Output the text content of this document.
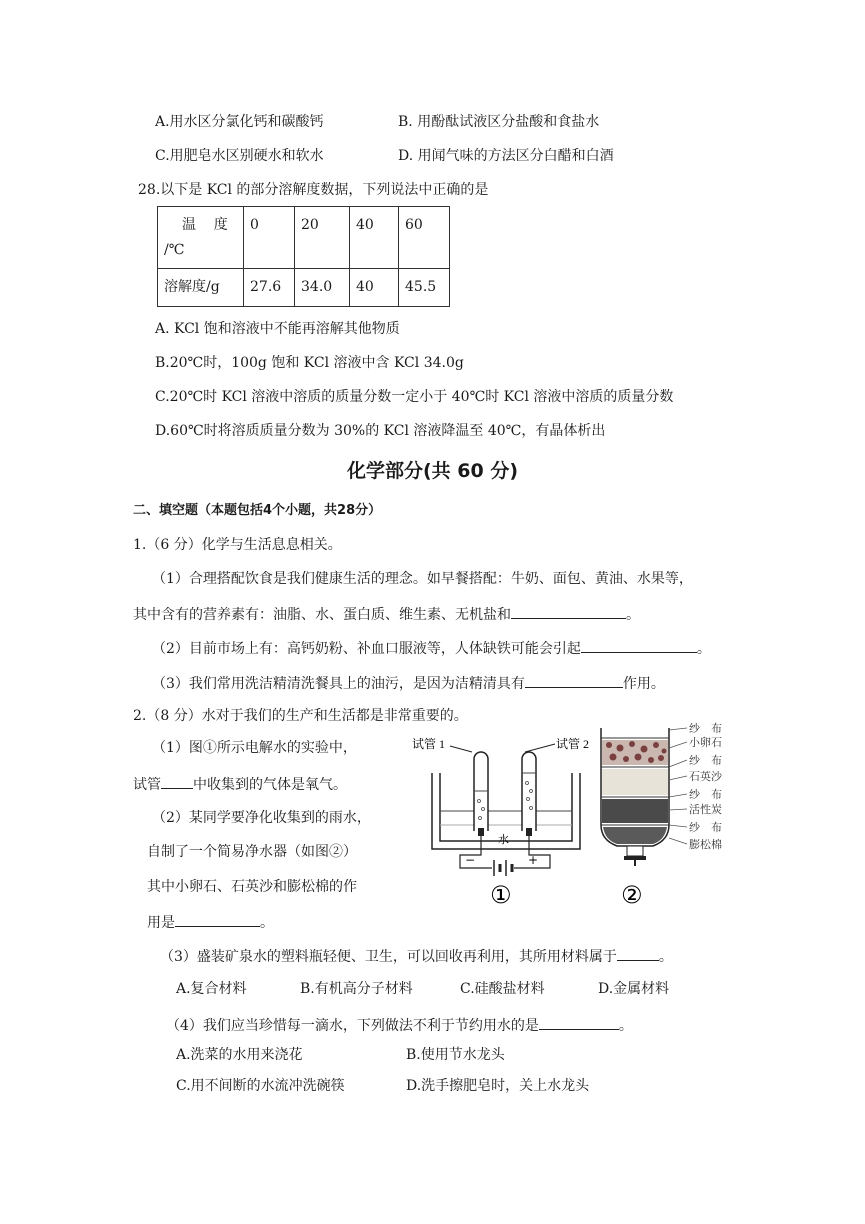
A.用水区分氯化钙和碳酸钙	B. 用酚酞试液区分盐酸和食盐水
C.用肥皂水区别硬水和软水	D. 用闻气味的方法区分白醋和白酒
28.以下是 KCl 的部分溶解度数据，下列说法中正确的是
温    度
/℃	0	20	40	60
溶解度/g	27.6	34.0	40	45.5
A. KCl 饱和溶液中不能再溶解其他物质
B.20℃时，100g 饱和 KCl 溶液中含 KCl 34.0g
C.20℃时 KCl 溶液中溶质的质量分数一定小于 40℃时 KCl 溶液中溶质的质量分数
D.60℃时将溶质质量分数为 30%的 KCl 溶液降温至 40℃，有晶体析出
化学部分(共 60 分)
二、填空题（本题包括4个小题，共28分）
1.（6 分）化学与生活息息相关。
（1）合理搭配饮食是我们健康生活的理念。如早餐搭配：牛奶、面包、黄油、水果等，
其中含有的营养素有：油脂、水、蛋白质、维生素、无机盐和	。
（2）目前市场上有：高钙奶粉、补血口服液等，人体缺铁可能会引起	。
（3）我们常用洗洁精清洗餐具上的油污，是因为洁精清具有	作用。
2.（8 分）水对于我们的生产和生活都是非常重要的。
（1）图①所示电解水的实验中，
试管 中收集到的气体是氧气。
（2）某同学要净化收集到的雨水，
自制了一个简易净水器（如图②）
其中小卵石、石英沙和膨松棉的作
用是	。
试管 1	试管 2
水
−	+
①
纱　布
小卵石
纱　布
石英沙
纱　布
活性炭
纱　布
膨松棉
②
（3）盛装矿泉水的塑料瓶轻便、卫生，可以回收再利用，其所用材料属于	。
A.复合材料	B.有机高分子材料	C.硅酸盐材料	D.金属材料
（4）我们应当珍惜每一滴水，下列做法不利于节约用水的是	。
A.洗菜的水用来浇花	B.使用节水龙头
C.用不间断的水流冲洗碗筷	D.洗手擦肥皂时，关上水龙头
